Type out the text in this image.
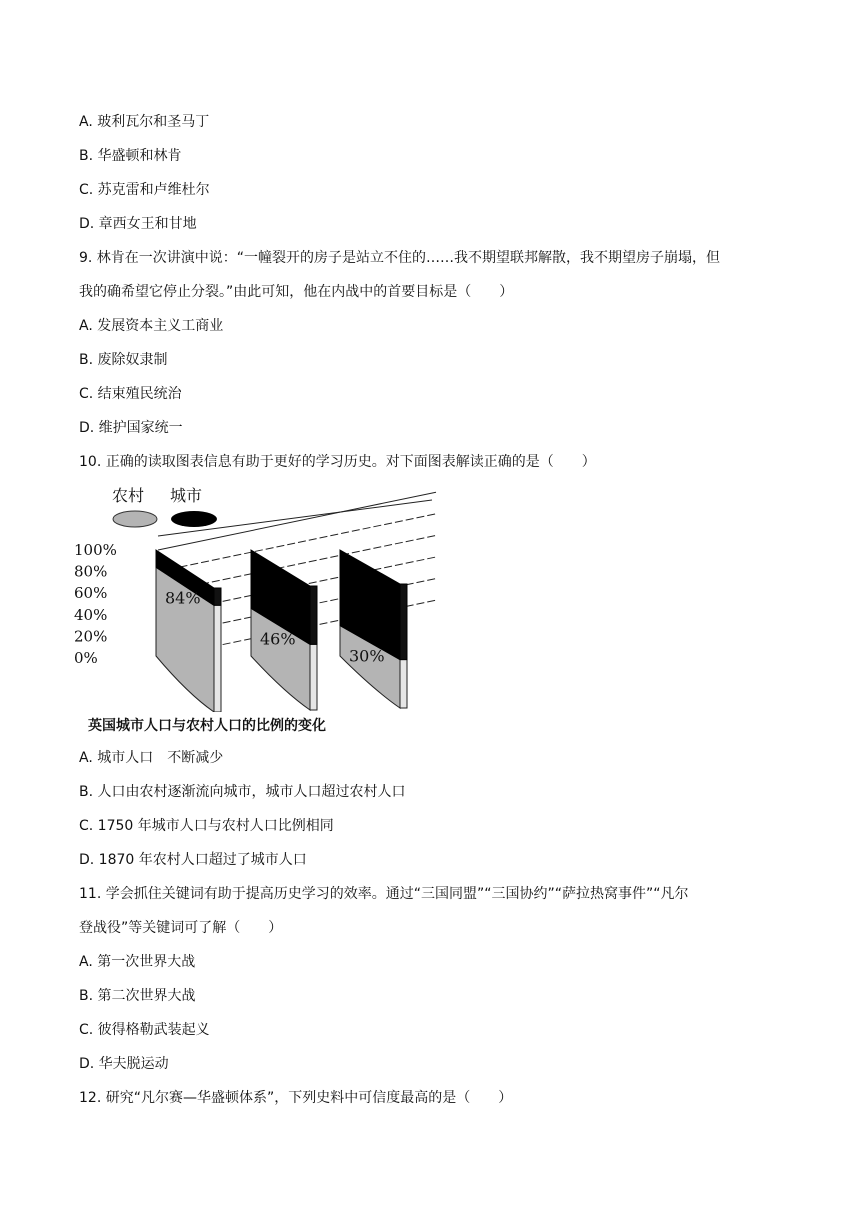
A. 玻利瓦尔和圣马丁
B. 华盛顿和林肯
C. 苏克雷和卢维杜尔
D. 章西女王和甘地
9. 林肯在一次讲演中说：“一幢裂开的房子是站立不住的……我不期望联邦解散，我不期望房子崩塌，但
我的确希望它停止分裂。”由此可知，他在内战中的首要目标是（　　）
A. 发展资本主义工商业
B. 废除奴隶制
C. 结束殖民统治
D. 维护国家统一
10. 正确的读取图表信息有助于更好的学习历史。对下面图表解读正确的是（　　）
农村 城市
100%
80%
60%
40%
20%
0%
84%
46%
30%
英国城市人口与农村人口的比例的变化
A. 城市人口　不断减少
B. 人口由农村逐渐流向城市，城市人口超过农村人口
C. 1750 年城市人口与农村人口比例相同
D. 1870 年农村人口超过了城市人口
11. 学会抓住关键词有助于提高历史学习的效率。通过“三国同盟”“三国协约”“萨拉热窝事件”“凡尔
登战役”等关键词可了解（　　）
A. 第一次世界大战
B. 第二次世界大战
C. 彼得格勒武装起义
D. 华夫脱运动
12. 研究“凡尔赛—华盛顿体系”，下列史料中可信度最高的是（　　）
